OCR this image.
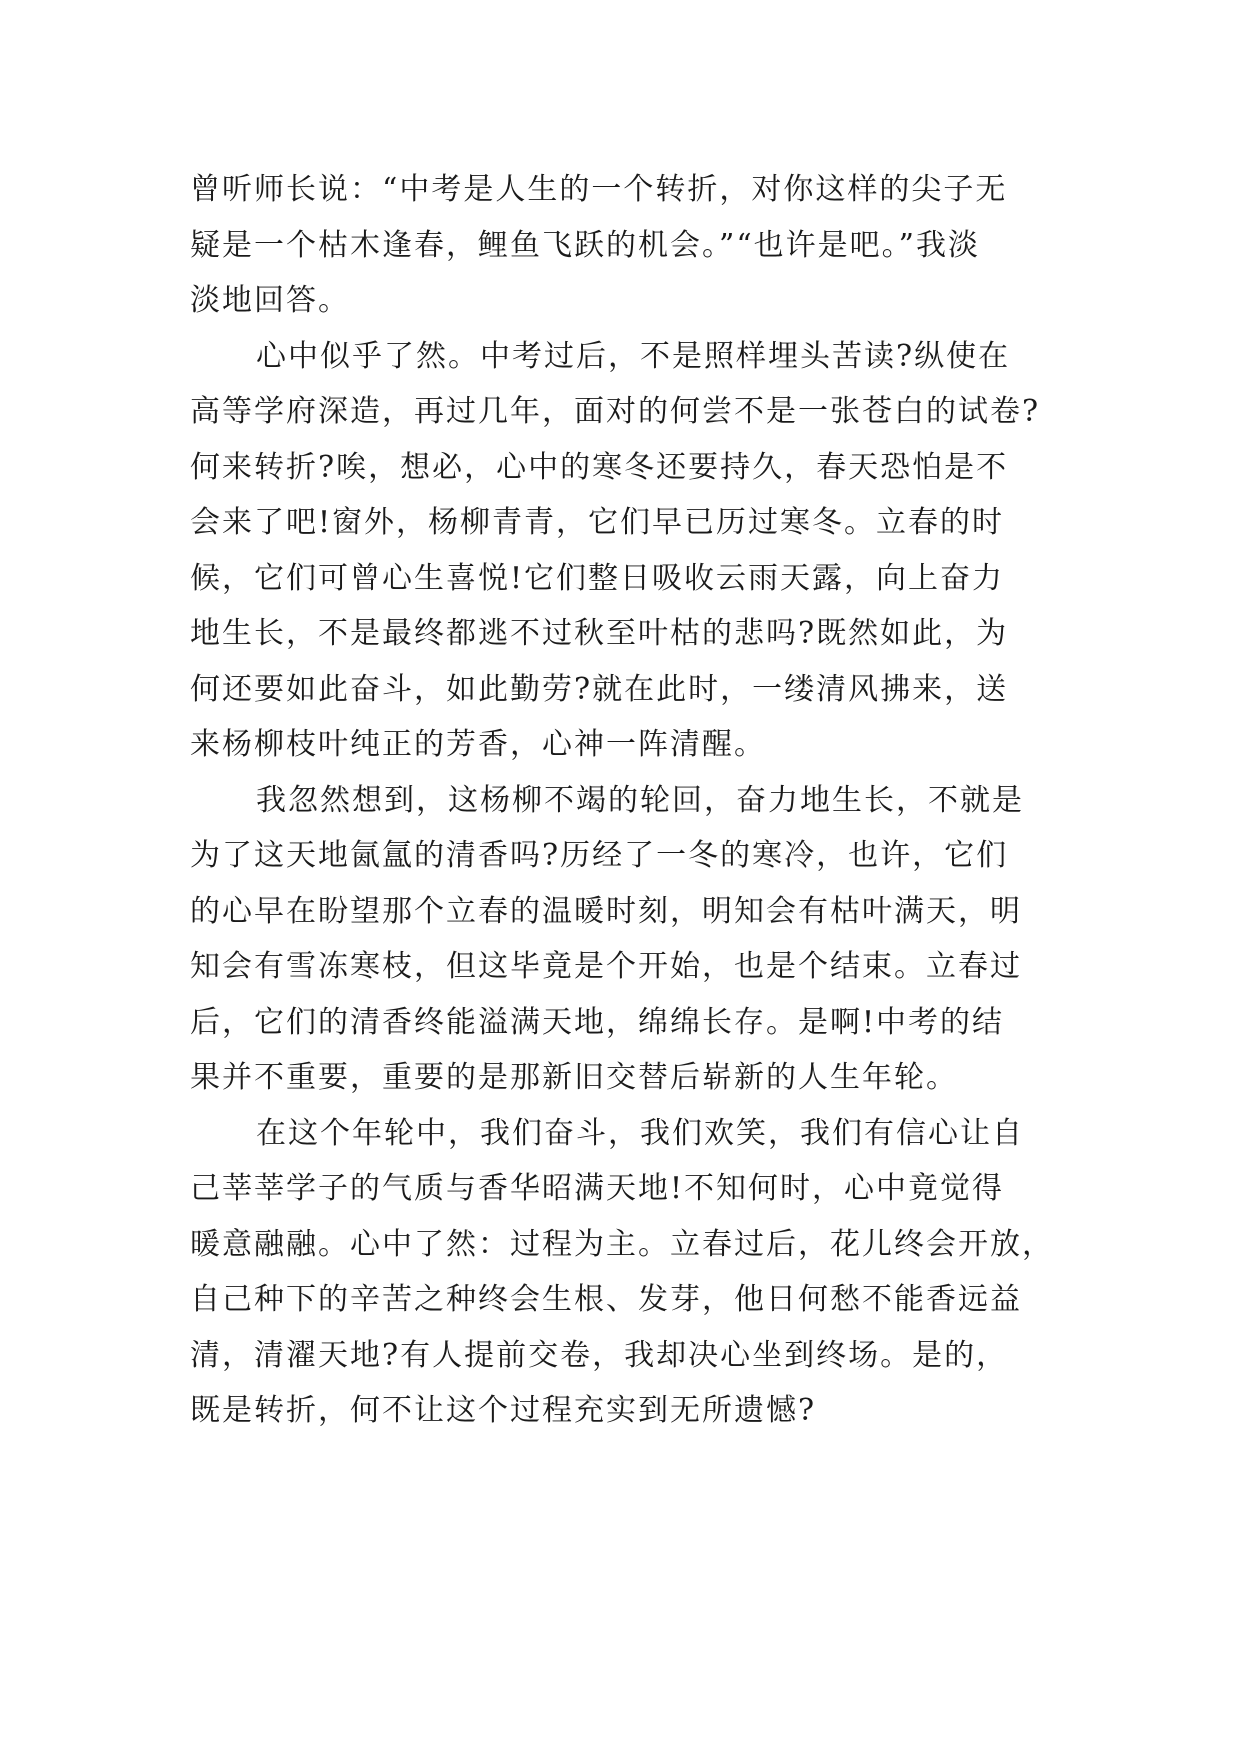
曾听师长说：“中考是人生的一个转折，对你这样的尖子无
疑是一个枯木逢春，鲤鱼飞跃的机会。”“也许是吧。”我淡
淡地回答。
心中似乎了然。中考过后，不是照样埋头苦读?纵使在
高等学府深造，再过几年，面对的何尝不是一张苍白的试卷?
何来转折?唉，想必，心中的寒冬还要持久，春天恐怕是不
会来了吧!窗外，杨柳青青，它们早已历过寒冬。立春的时
候，它们可曾心生喜悦!它们整日吸收云雨天露，向上奋力
地生长，不是最终都逃不过秋至叶枯的悲吗?既然如此，为
何还要如此奋斗，如此勤劳?就在此时，一缕清风拂来，送
来杨柳枝叶纯正的芳香，心神一阵清醒。
我忽然想到，这杨柳不竭的轮回，奋力地生长，不就是
为了这天地氤氲的清香吗?历经了一冬的寒冷，也许，它们
的心早在盼望那个立春的温暖时刻，明知会有枯叶满天，明
知会有雪冻寒枝，但这毕竟是个开始，也是个结束。立春过
后，它们的清香终能溢满天地，绵绵长存。是啊!中考的结
果并不重要，重要的是那新旧交替后崭新的人生年轮。
在这个年轮中，我们奋斗，我们欢笑，我们有信心让自
己莘莘学子的气质与香华昭满天地!不知何时，心中竟觉得
暖意融融。心中了然：过程为主。立春过后，花儿终会开放，
自己种下的辛苦之种终会生根、发芽，他日何愁不能香远益
清，清濯天地?有人提前交卷，我却决心坐到终场。是的，
既是转折，何不让这个过程充实到无所遗憾?
